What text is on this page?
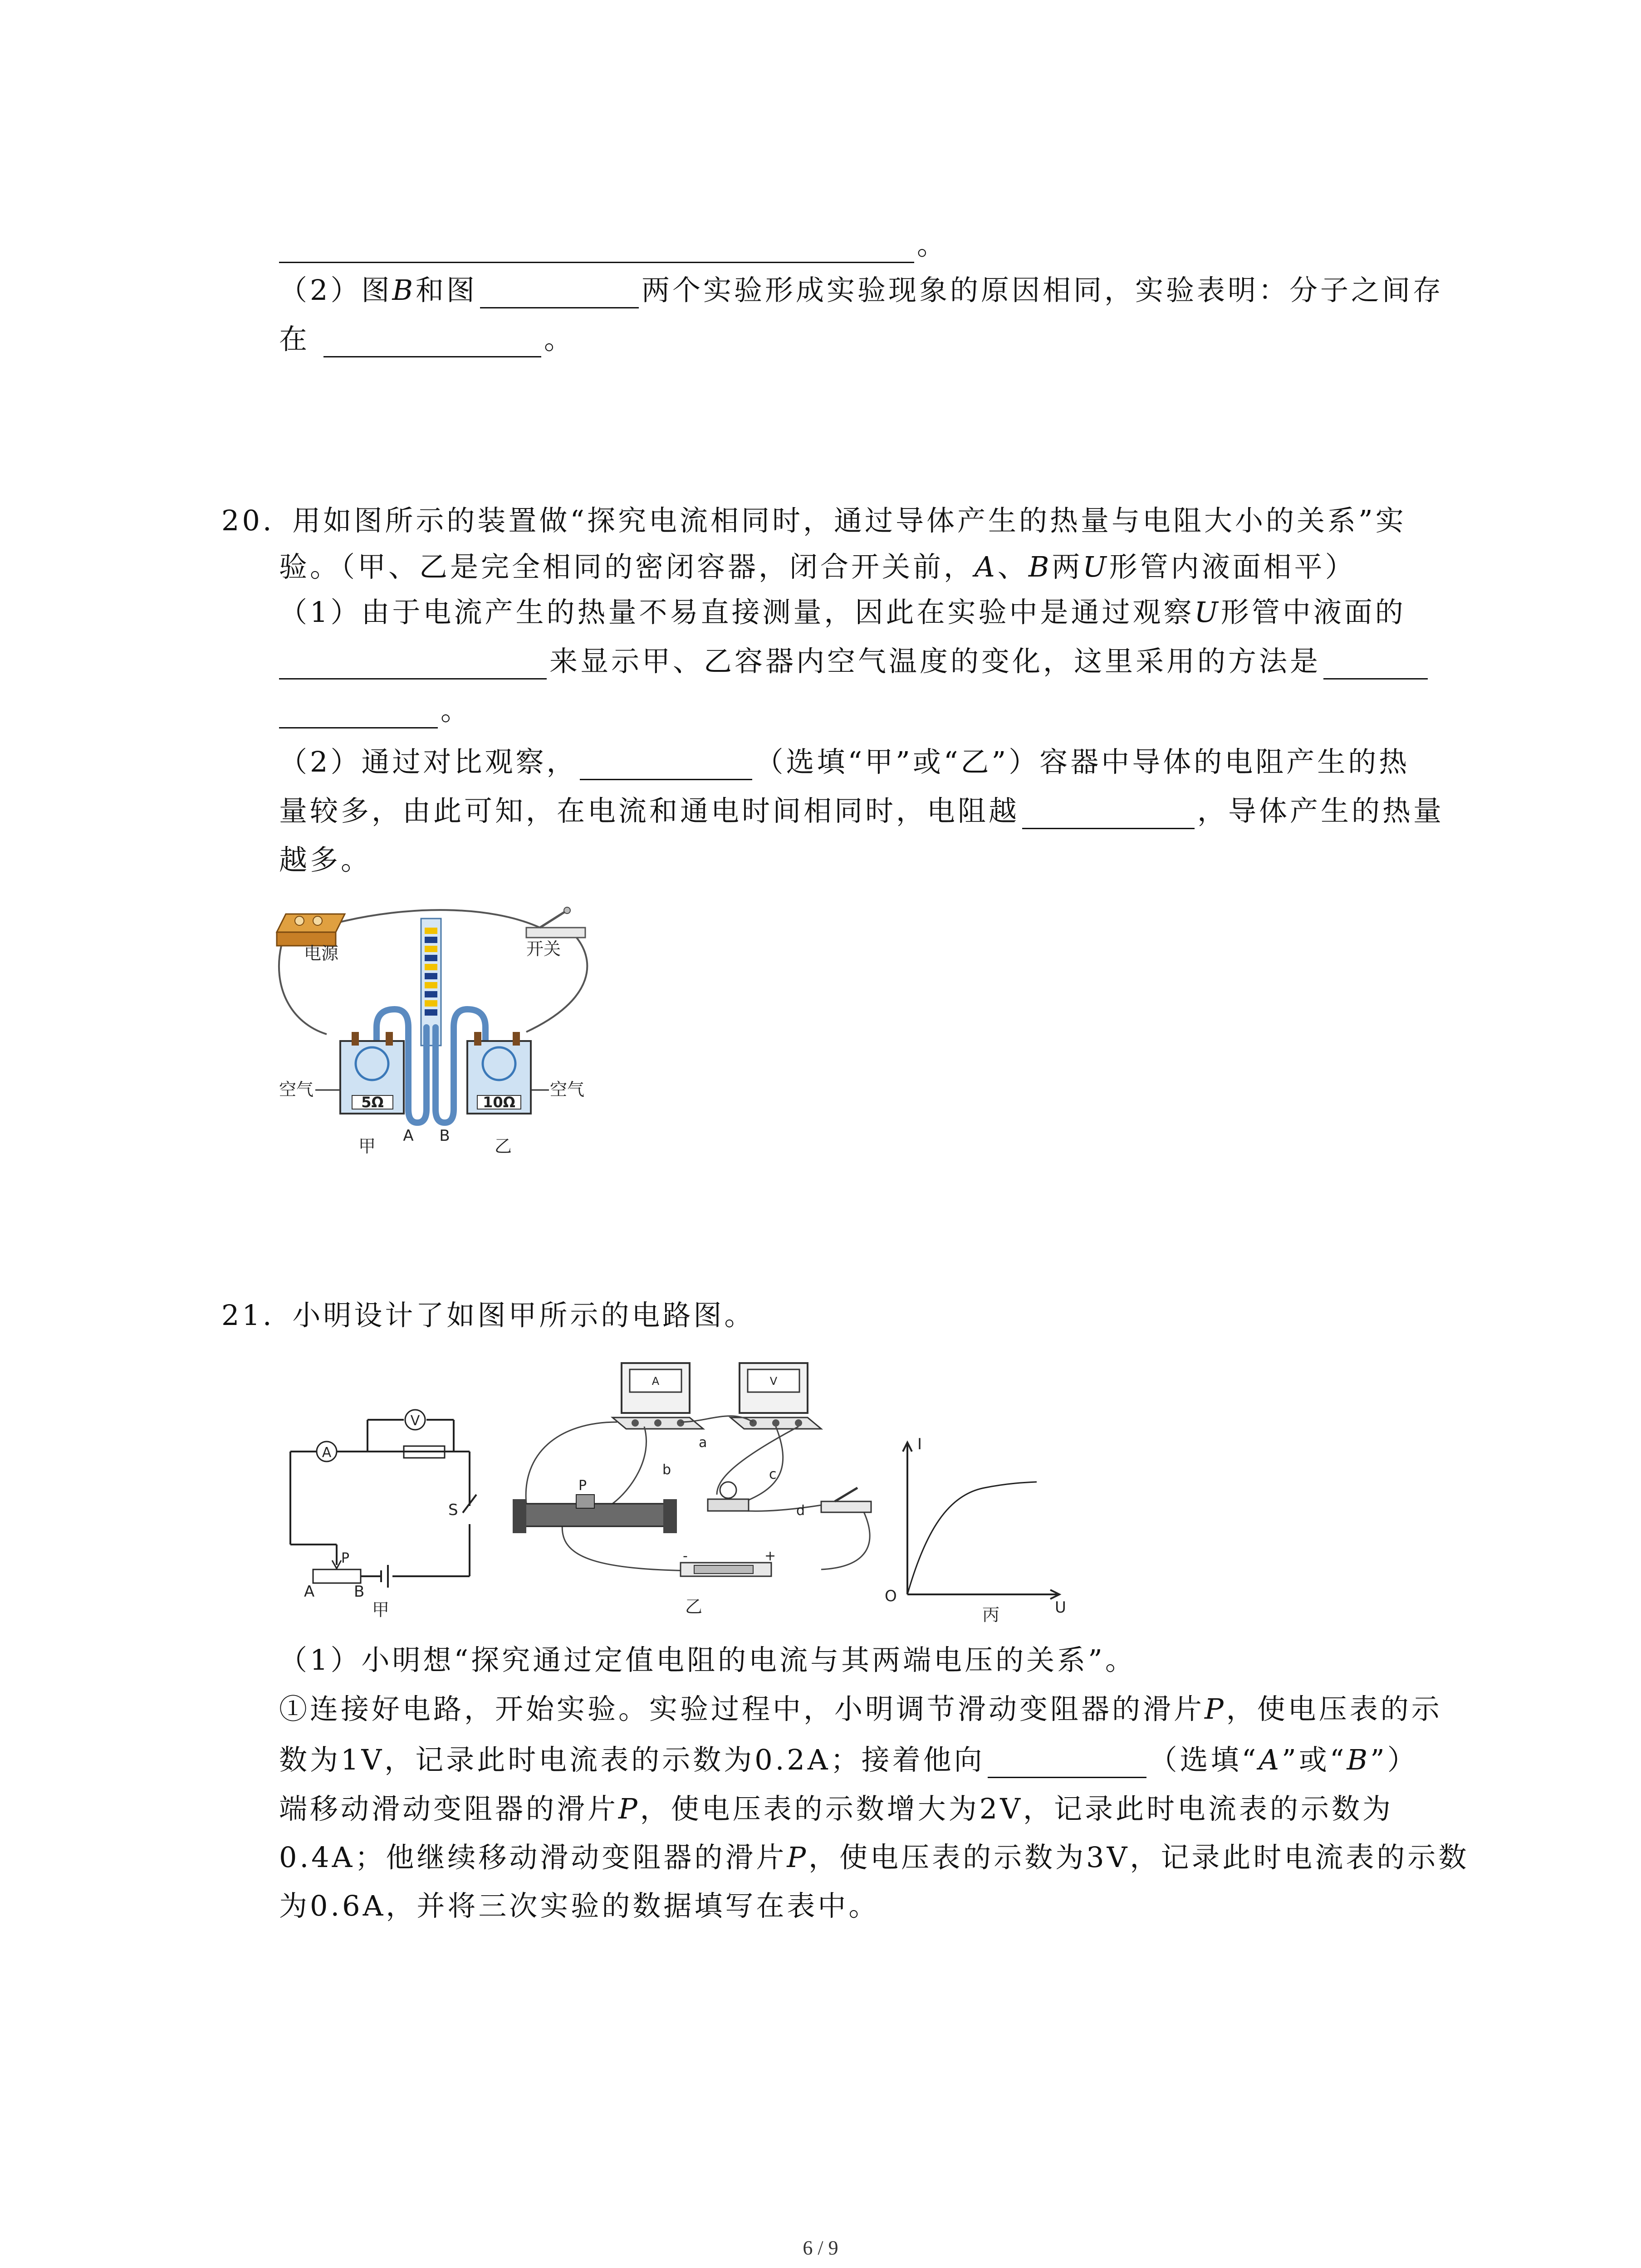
。
（2）图B和图	两个实验形成实验现象的原因相同，实验表明：分子之间存
在	。
20. 用如图所示的装置做“探究电流相同时，通过导体产生的热量与电阻大小的关系”实
验。（甲、乙是完全相同的密闭容器，闭合开关前，A、B两U形管内液面相平）
（1）由于电流产生的热量不易直接测量，因此在实验中是通过观察U形管中液面的
来显示甲、乙容器内空气温度的变化，这里采用的方法是
。
（2）通过对比观察，	（选填“甲”或“乙”）容器中导体的电阻产生的热
量较多，由此可知，在电流和通电时间相同时，电阻越	，导体产生的热量
越多。
电源	开关
5Ω	10Ω
空气	空气
A B
甲	乙
21. 小明设计了如图甲所示的电路图。
A
V
S
P
A	B
甲
A	V
a
b	c
d
P
-	+
乙
I
U
O
丙
（1）小明想“探究通过定值电阻的电流与其两端电压的关系”。
①连接好电路，开始实验。实验过程中，小明调节滑动变阻器的滑片P，使电压表的示
数为1V，记录此时电流表的示数为0.2A；接着他向	（选填“A”或“B”）
端移动滑动变阻器的滑片P，使电压表的示数增大为2V，记录此时电流表的示数为
0.4A；他继续移动滑动变阻器的滑片P，使电压表的示数为3V，记录此时电流表的示数
为0.6A，并将三次实验的数据填写在表中。
6 / 9
